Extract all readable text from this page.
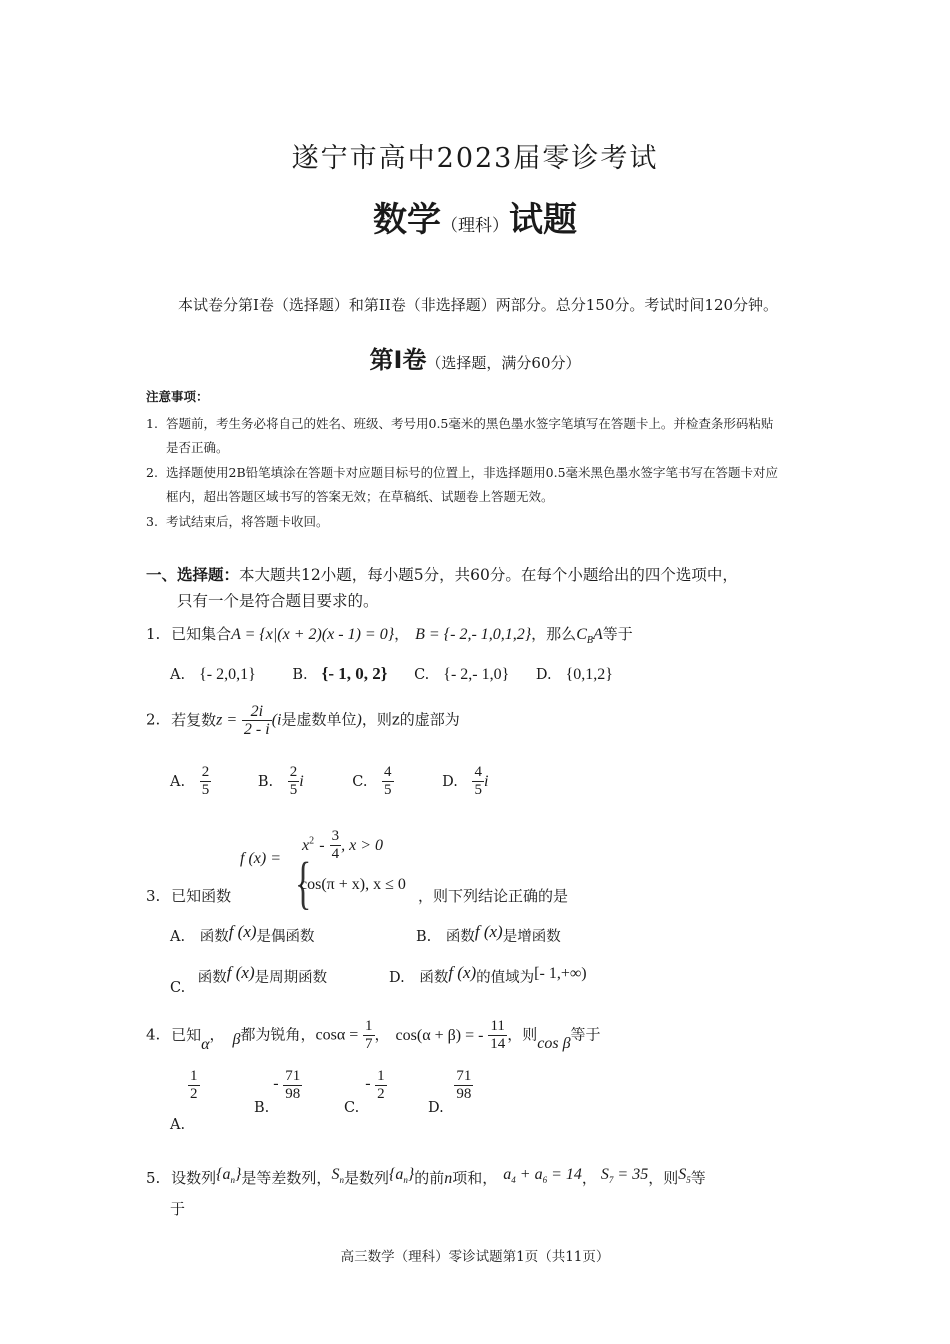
遂宁市高中2023届零诊考试
数学（理科）试题
本试卷分第Ⅰ卷（选择题）和第II卷（非选择题）两部分。总分150分。考试时间120分钟。
第Ⅰ卷（选择题，满分60分）
注意事项：
1. 答题前，考生务必将自己的姓名、班级、考号用0.5毫米的黑色墨水签字笔填写在答题卡上。并检查条形码粘贴
是否正确。
2. 选择题使用2B铅笔填涂在答题卡对应题目标号的位置上，非选择题用0.5毫米黑色墨水签字笔书写在答题卡对应
框内，超出答题区域书写的答案无效；在草稿纸、试题卷上答题无效。
3. 考试结束后，将答题卡收回。
一、选择题：本大题共12小题，每小题5分，共60分。在每个小题给出的四个选项中，
只有一个是符合题目要求的。
1. 已知集合A = {x|(x + 2)(x - 1) = 0}， B = {- 2,- 1,0,1,2}，那么$C_BA$等于
A. {- 2,0,1}	B. {- 1, 0, 2} C. {- 2,- 1,0} D. {0,1,2}
2. 若复数$z = \frac{2i}{2 - i} (i$是虚数单位)，则z的虚部为
A. $\frac{2}{5}$	B. $\frac{2}{5}$ i	C. $\frac{4}{5}$	D. $\frac{4}{5}$ i
f (x) = {
$x^2 - \frac{3}{4}$ , x > 0
cos(π + x), x ≤ 0
3. 已知函数	，则下列结论正确的是
A. 函数f (x)是偶函数	B. 函数f (x)是增函数
C. 函数f (x)是周期函数	D. 函数f (x)的值域为[- 1,+∞)
4. 已知α， β都为锐角，$\cos\alpha = \frac{1}{7}$ ， cos(α + β) = - $\frac{11}{14}$ ，则cos β等于
$\frac{1}{2}$
A.
$B.- \frac{71}{98}$
$C.- \frac{1}{2}$
D.
$\frac{71}{98}$
5. 设数列$\{a_n\}$是等差数列，$S_n$是数列$\{a_n\}$的前n项和， $a_4 + a_6 = 14$， $S_7 = 35$，则$S_5$等
于
高三数学（理科）零诊试题第1页（共11页）
